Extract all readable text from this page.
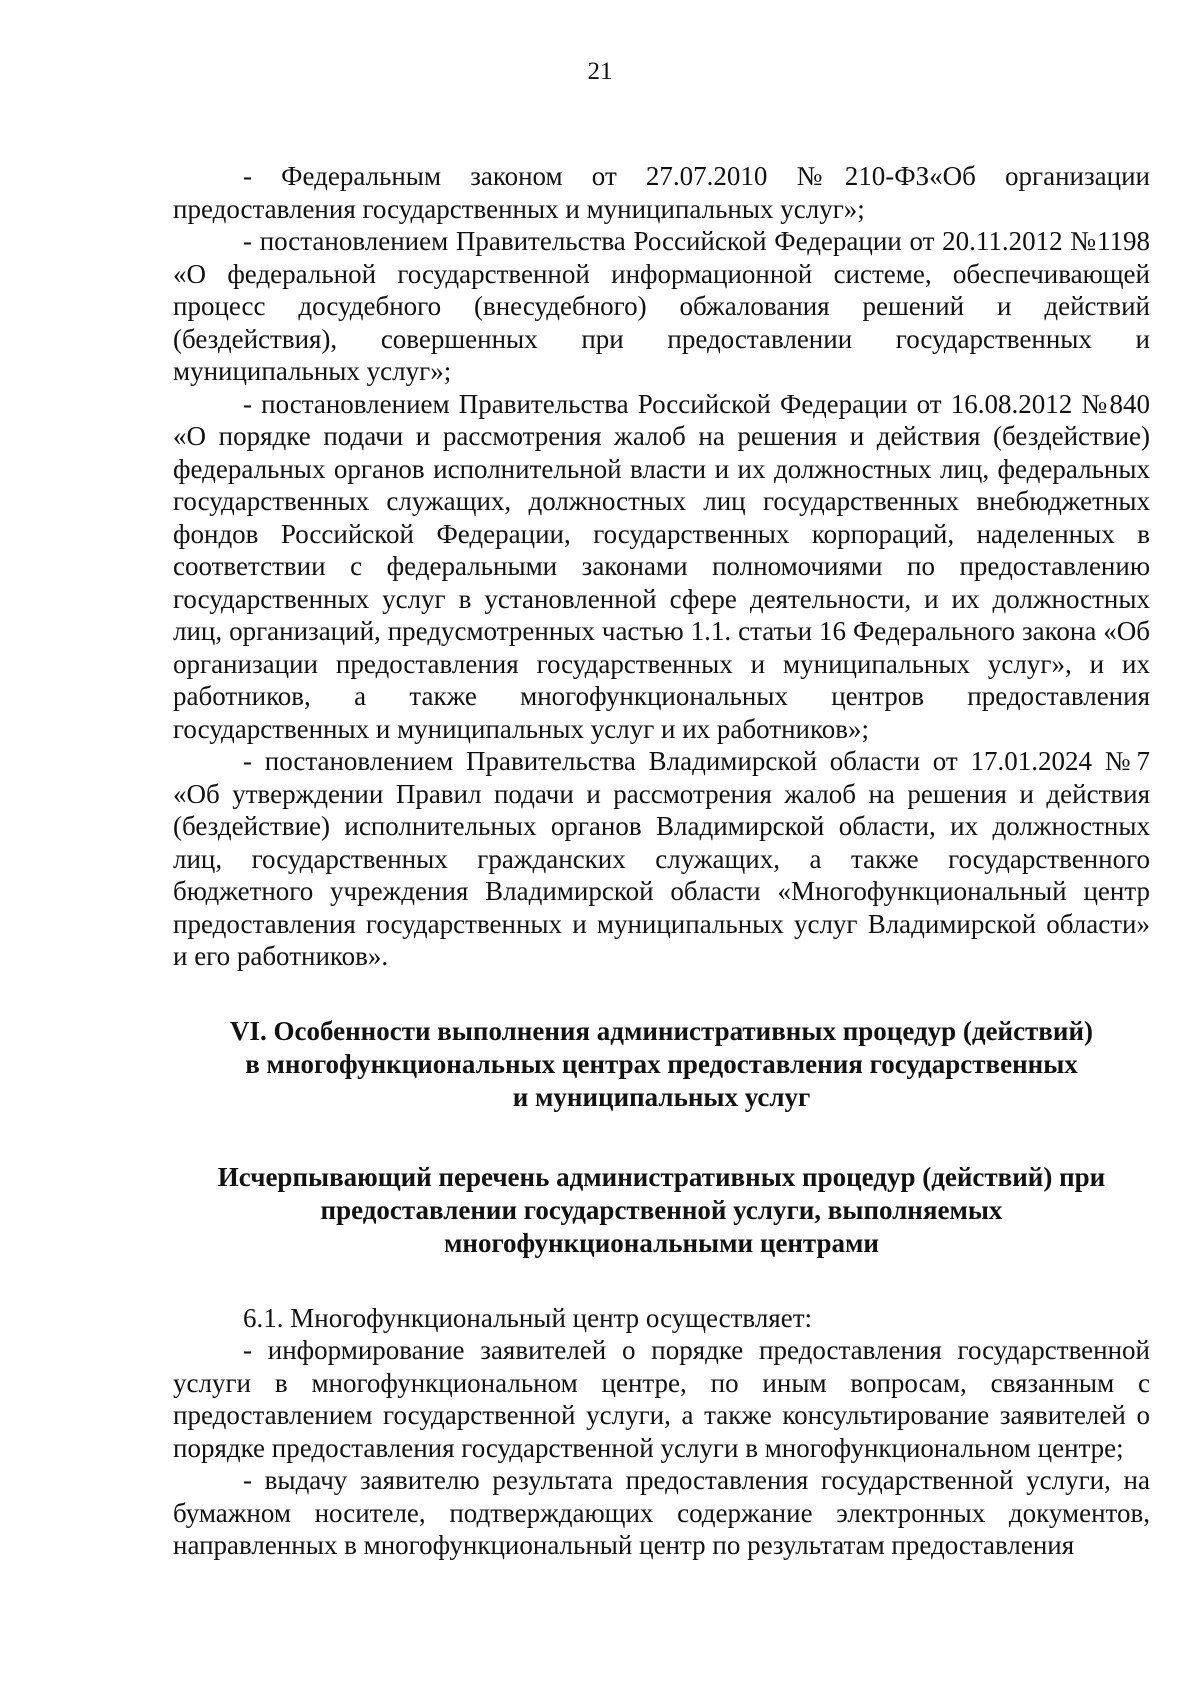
21

- Федеральным законом от 27.07.2010 №210-ФЗ«Об организации предоставления государственных и муниципальных услуг»;

- постановлением Правительства Российской Федерации от 20.11.2012 №1198 «О федеральной государственной информационной системе, обеспечивающей процесс досудебного (внесудебного) обжалования решений и действий (бездействия), совершенных при предоставлении государственных и муниципальных услуг»;

- постановлением Правительства Российской Федерации от 16.08.2012 №840 «О порядке подачи и рассмотрения жалоб на решения и действия (бездействие) федеральных органов исполнительной власти и их должностных лиц, федеральных государственных служащих, должностных лиц государственных внебюджетных фондов Российской Федерации, государственных корпораций, наделенных в соответствии с федеральными законами полномочиями по предоставлению государственных услуг в установленной сфере деятельности, и их должностных лиц, организаций, предусмотренных частью 1.1. статьи 16 Федерального закона «Об организации предоставления государственных и муниципальных услуг», и их работников, а также многофункциональных центров предоставления государственных и муниципальных услуг и их работников»;

- постановлением Правительства Владимирской области от 17.01.2024 №7 «Об утверждении Правил подачи и рассмотрения жалоб на решения и действия (бездействие) исполнительных органов Владимирской области, их должностных лиц, государственных гражданских служащих, а также государственного бюджетного учреждения Владимирской области «Многофункциональный центр предоставления государственных и муниципальных услуг Владимирской области» и его работников».

VI. Особенности выполнения административных процедур (действий)
в многофункциональных центрах предоставления государственных
и муниципальных услуг
Исчерпывающий перечень административных процедур (действий) при
предоставлении государственной услуги, выполняемых
многофункциональными центрами

6.1. Многофункциональный центр осуществляет:

- информирование заявителей о порядке предоставления государственной услуги в многофункциональном центре, по иным вопросам, связанным с предоставлением государственной услуги, а также консультирование заявителей о порядке предоставления государственной услуги в многофункциональном центре;

- выдачу заявителю результата предоставления государственной услуги, на бумажном носителе, подтверждающих содержание электронных документов, направленных в многофункциональный центр по результатам предоставления
